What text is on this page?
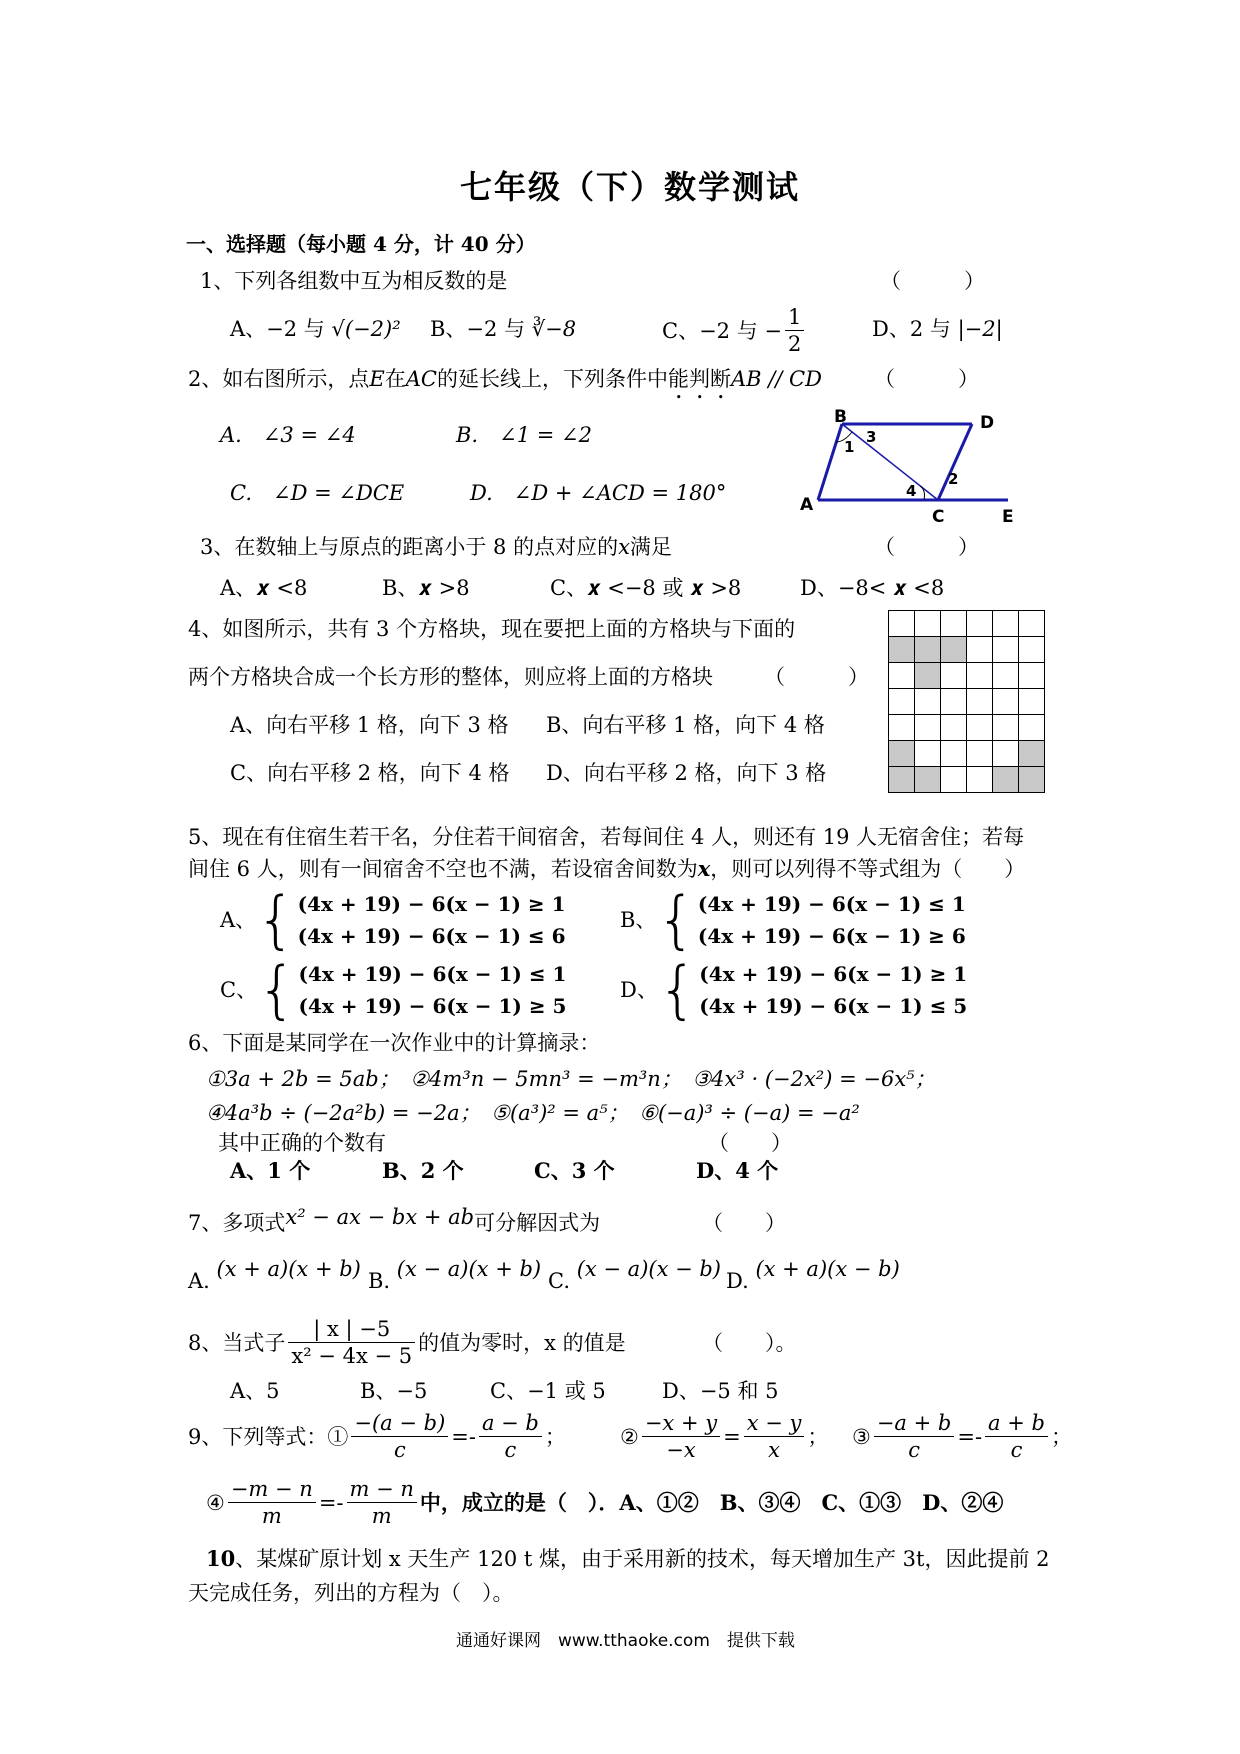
七年级（下）数学测试
一、选择题（每小题 4 分，计 40 分）
1、下列各组数中互为相反数的是	（　　　）
A、−2 与 √(−2)² B、−2 与 ∛−8	C、−2 与 − $\frac{1}{2}$	D、2 与 |−2|
2、如右图所示，点E在AC的延长线上，下列条件中能判断AB // CD （　　　）
A.　∠3 = ∠4	B.　∠1 = ∠2
C.　∠D = ∠DCE	D.　∠D + ∠ACD = 180°
B	D
A
C	E
1
3
2
4
3、在数轴上与原点的距离小于 8 的点对应的x满足	（　　　）
A、𝒙 <8	B、𝒙 >8	C、𝒙 <−8 或 𝒙 >8	D、−8< 𝒙 <8
4、如图所示，共有 3 个方格块，现在要把上面的方格块与下面的
两个方格块合成一个长方形的整体，则应将上面的方格块 （　　　）
A、向右平移 1 格，向下 3 格 B、向右平移 1 格，向下 4 格
C、向右平移 2 格，向下 4 格 D、向右平移 2 格，向下 3 格

5、现在有住宿生若干名，分住若干间宿舍，若每间住 4 人，则还有 19 人无宿舍住；若每
间住 6 人，则有一间宿舍不空也不满，若设宿舍间数为x，则可以列得不等式组为（　　）
A、{ (4x + 19) − 6(x − 1) ≥ 1
(4x + 19) − 6(x − 1) ≤ 6
B、{ (4x + 19) − 6(x − 1) ≤ 1
(4x + 19) − 6(x − 1) ≥ 6
C、{ (4x + 19) − 6(x − 1) ≤ 1
(4x + 19) − 6(x − 1) ≥ 5
D、{ (4x + 19) − 6(x − 1) ≥ 1
(4x + 19) − 6(x − 1) ≤ 5
6、下面是某同学在一次作业中的计算摘录：
①3a + 2b = 5ab；　②4m³n − 5mn³ = −m³n；　③4x³ · (−2x²) = −6x⁵；
④4a³b ÷ (−2a²b) = −2a；　⑤(a³)² = a⁵；　⑥(−a)³ ÷ (−a) = −a²
其中正确的个数有	（　　）
A、1 个	B、2 个	C、3 个	D、4 个
7、多项式x² − ax − bx + ab可分解因式为	（　　）
A. (x + a)(x + b) B. (x − a)(x + b) C. (x − a)(x − b) D. (x + a)(x − b)
8、当式子 $\frac{| x | -5}{\text{x² − 4x − 5}}$ 的值为零时，x 的值是	（　　）。
A、5	B、−5	C、−1 或 5	D、−5 和 5
9、下列等式：① $\frac{-(a - b)}{c} =- \frac{a - b}{c}$ ；	② $\frac{-x + y}{-x} = \frac{x - y}{x}$ ； ③ $\frac{-a + b}{c} =- \frac{a + b}{c}$ ；
④ $\frac{-m - n}{m} =- \frac{m - n}{m}$ 中，成立的是（　）．A、①②　B、③④　C、①③　D、②④
10、某煤矿原计划 x 天生产 120 t 煤，由于采用新的技术，每天增加生产 3t，因此提前 2
天完成任务，列出的方程为（　）。
通通好课网　www.tthaoke.com　提供下载
